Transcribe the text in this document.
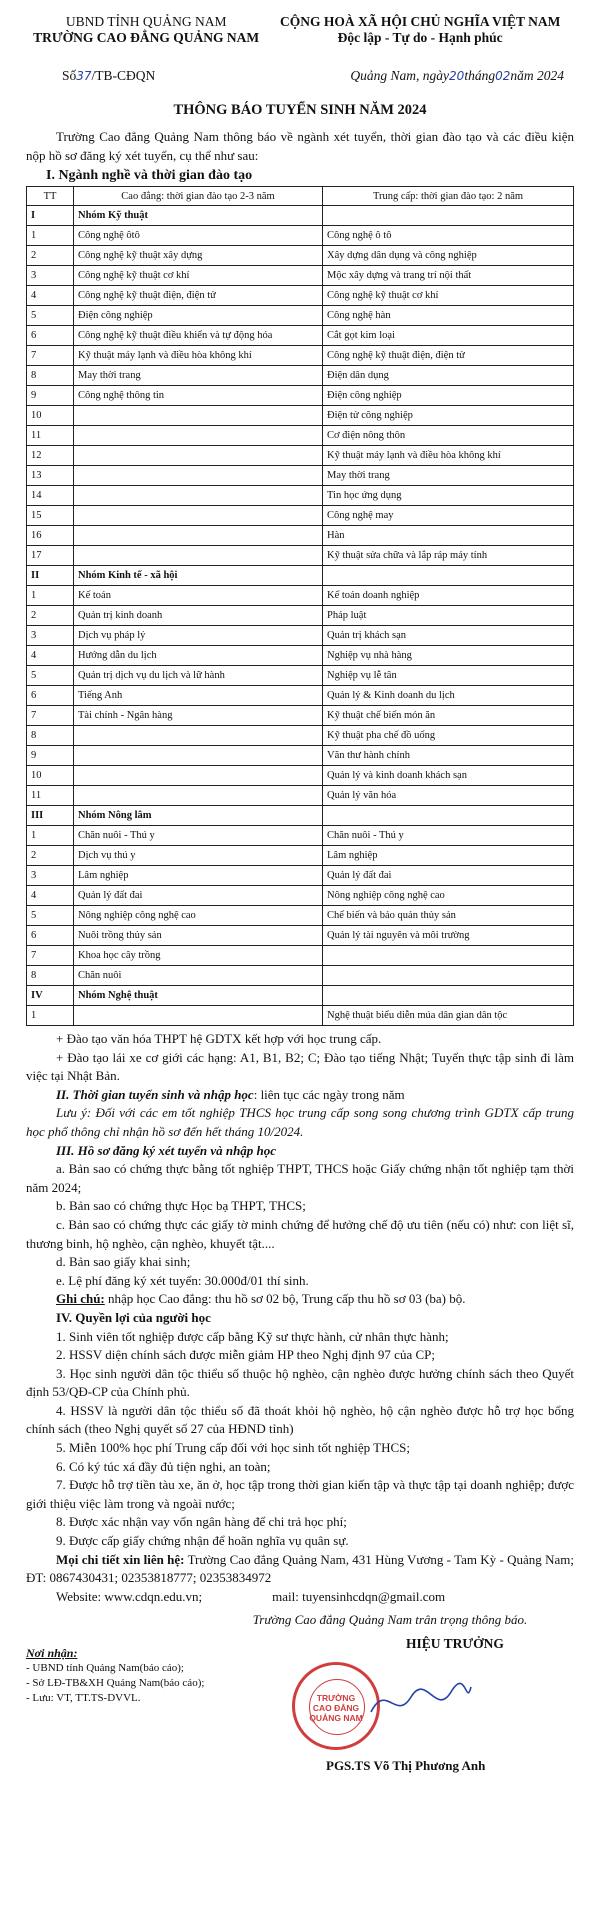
UBND TỈNH QUẢNG NAM
TRƯỜNG CAO ĐẲNG QUẢNG NAM
CỘNG HOÀ XÃ HỘI CHỦ NGHĨA VIỆT NAM
Độc lập - Tự do - Hạnh phúc
Số37/TB-CĐQN	Quảng Nam, ngày20tháng02năm 2024
THÔNG BÁO TUYỂN SINH NĂM 2024

Trường Cao đẳng Quảng Nam thông báo về ngành xét tuyển, thời gian đào tạo và các điều kiện nộp hồ sơ đăng ký xét tuyển, cụ thể như sau:

I. Ngành nghề và thời gian đào tạo
TT	Cao đẳng: thời gian đào tạo 2-3 năm	Trung cấp: thời gian đào tạo: 2 năm
I	Nhóm Kỹ thuật	
1	Công nghệ ôtô	Công nghệ ô tô
2	Công nghệ kỹ thuật xây dựng	Xây dựng dân dụng và công nghiệp
3	Công nghệ kỹ thuật cơ khí	Mộc xây dựng và trang trí nội thất
4	Công nghệ kỹ thuật điện, điện tử	Công nghệ kỹ thuật cơ khí
5	Điện công nghiệp	Công nghệ hàn
6	Công nghệ kỹ thuật điều khiển và tự động hóa	Cắt gọt kim loại
7	Kỹ thuật máy lạnh và điều hòa không khí	Công nghệ kỹ thuật điện, điện tử
8	May thời trang	Điện dân dụng
9	Công nghệ thông tin	Điện công nghiệp
10		Điện tử công nghiệp
11		Cơ điện nông thôn
12		Kỹ thuật máy lạnh và điều hòa không khí
13		May thời trang
14		Tin học ứng dụng
15		Công nghệ may
16		Hàn
17		Kỹ thuật sửa chữa và lắp ráp máy tính
II	Nhóm Kinh tế - xã hội	
1	Kế toán	Kế toán doanh nghiệp
2	Quản trị kinh doanh	Pháp luật
3	Dịch vụ pháp lý	Quản trị khách sạn
4	Hướng dẫn du lịch	Nghiệp vụ nhà hàng
5	Quản trị dịch vụ du lịch và lữ hành	Nghiệp vụ lễ tân
6	Tiếng Anh	Quản lý & Kinh doanh du lịch
7	Tài chính - Ngân hàng	Kỹ thuật chế biến món ăn
8		Kỹ thuật pha chế đồ uống
9		Văn thư hành chính
10		Quản lý và kinh doanh khách sạn
11		Quản lý văn hóa
III	Nhóm Nông lâm	
1	Chăn nuôi - Thú y	Chăn nuôi - Thú y
2	Dịch vụ thú y	Lâm nghiệp
3	Lâm nghiệp	Quản lý đất đai
4	Quản lý đất đai	Nông nghiệp công nghệ cao
5	Nông nghiệp công nghệ cao	Chế biến và bảo quản thủy sản
6	Nuôi trồng thủy sản	Quản lý tài nguyên và môi trường
7	Khoa học cây trồng	
8	Chăn nuôi	
IV	Nhóm Nghệ thuật	
1		Nghệ thuật biểu diễn múa dân gian dân tộc

+ Đào tạo văn hóa THPT hệ GDTX kết hợp với học trung cấp.

+ Đào tạo lái xe cơ giới các hạng: A1, B1, B2; C; Đào tạo tiếng Nhật; Tuyển thực tập sinh đi làm việc tại Nhật Bản.

II. Thời gian tuyển sinh và nhập học: liên tục các ngày trong năm

Lưu ý: Đối với các em tốt nghiệp THCS học trung cấp song song chương trình GDTX cấp trung học phổ thông chỉ nhận hồ sơ đến hết tháng 10/2024.

III. Hồ sơ đăng ký xét tuyển và nhập học

a. Bản sao có chứng thực bằng tốt nghiệp THPT, THCS hoặc Giấy chứng nhận tốt nghiệp tạm thời năm 2024;

b. Bản sao có chứng thực Học bạ THPT, THCS;

c. Bản sao có chứng thực các giấy tờ minh chứng để hưởng chế độ ưu tiên (nếu có) như: con liệt sĩ, thương binh, hộ nghèo, cận nghèo, khuyết tật....

d. Bản sao giấy khai sinh;

e. Lệ phí đăng ký xét tuyển: 30.000đ/01 thí sinh.

Ghi chú: nhập học Cao đẳng: thu hồ sơ 02 bộ, Trung cấp thu hồ sơ 03 (ba) bộ.

IV. Quyền lợi của người học

1. Sinh viên tốt nghiệp được cấp bằng Kỹ sư thực hành, cử nhân thực hành;

2. HSSV diện chính sách được miễn giảm HP theo Nghị định 97 của CP;

3. Học sinh người dân tộc thiểu số thuộc hộ nghèo, cận nghèo được hưởng chính sách theo Quyết định 53/QĐ-CP của Chính phủ.

4. HSSV là người dân tộc thiểu số đã thoát khỏi hộ nghèo, hộ cận nghèo được hỗ trợ học bổng chính sách (theo Nghị quyết số 27 của HĐND tỉnh)

5. Miễn 100% học phí Trung cấp đối với học sinh tốt nghiệp THCS;

6. Có ký túc xá đầy đủ tiện nghi, an toàn;

7. Được hỗ trợ tiền tàu xe, ăn ở, học tập trong thời gian kiến tập và thực tập tại doanh nghiệp; được giới thiệu việc làm trong và ngoài nước;

8. Được xác nhận vay vốn ngân hàng để chi trả học phí;

9. Được cấp giấy chứng nhận để hoãn nghĩa vụ quân sự.

Mọi chi tiết xin liên hệ: Trường Cao đẳng Quảng Nam, 431 Hùng Vương - Tam Kỳ - Quảng Nam; ĐT: 0867430431; 02353818777; 02353834972

Website: www.cdqn.edu.vn;	mail: tuyensinhcdqn@gmail.com

Trường Cao đẳng Quảng Nam trân trọng thông báo.
Nơi nhận:
- UBND tỉnh Quảng Nam(báo cáo);
- Sở LĐ-TB&XH Quảng Nam(báo cáo);
- Lưu: VT, TT.TS-DVVL.
HIỆU TRƯỞNG
TRƯỜNG
CAO ĐẲNG
QUẢNG NAM
PGS.TS Võ Thị Phương Anh
